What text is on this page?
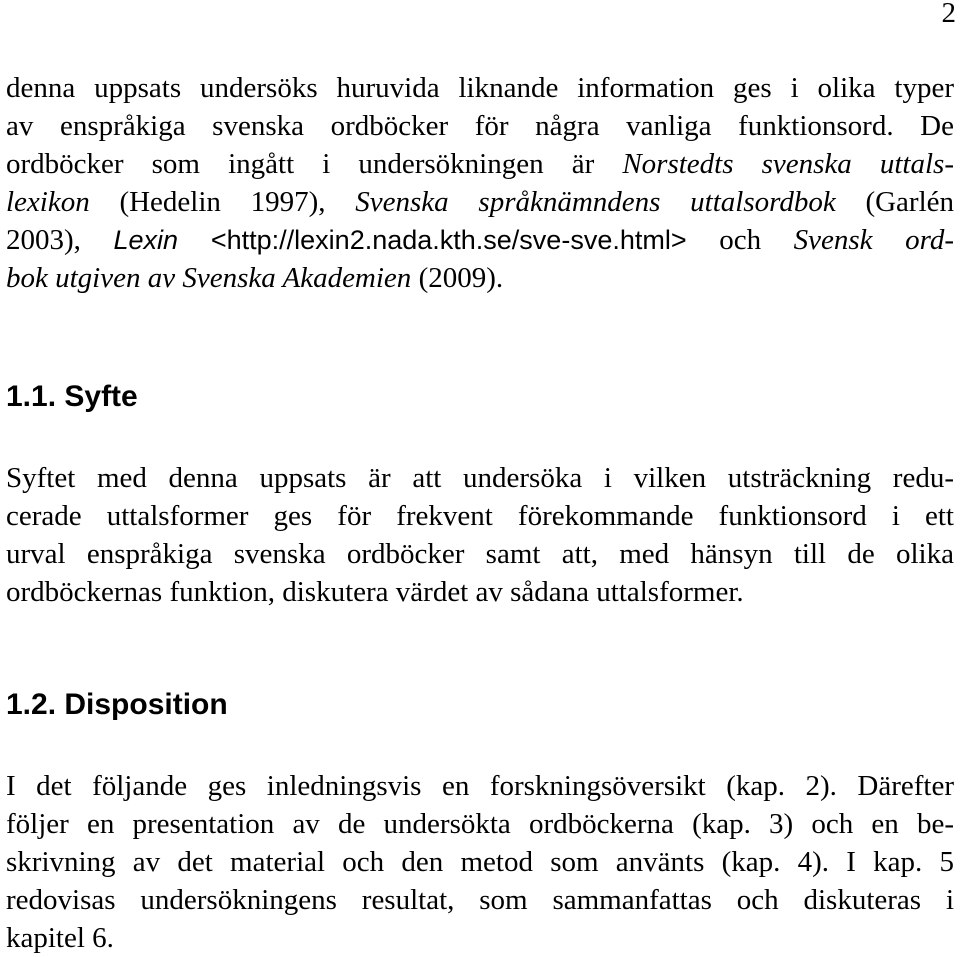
2
denna uppsats undersöks huruvida liknande information ges i olika typer
av enspråkiga svenska ordböcker för några vanliga funktionsord. De
ordböcker som ingått i undersökningen är Norstedts svenska uttals-
lexikon (Hedelin 1997), Svenska språknämndens uttalsordbok (Garlén
2003), Lexin <http://lexin2.nada.kth.se/sve-sve.html> och Svensk ord-
bok utgiven av Svenska Akademien (2009).
1.1. Syfte
Syftet med denna uppsats är att undersöka i vilken utsträckning redu-
cerade uttalsformer ges för frekvent förekommande funktionsord i ett
urval enspråkiga svenska ordböcker samt att, med hänsyn till de olika
ordböckernas funktion, diskutera värdet av sådana uttalsformer.
1.2. Disposition
I det följande ges inledningsvis en forskningsöversikt (kap. 2). Därefter
följer en presentation av de undersökta ordböckerna (kap. 3) och en be-
skrivning av det material och den metod som använts (kap. 4). I kap. 5
redovisas undersökningens resultat, som sammanfattas och diskuteras i
kapitel 6.
